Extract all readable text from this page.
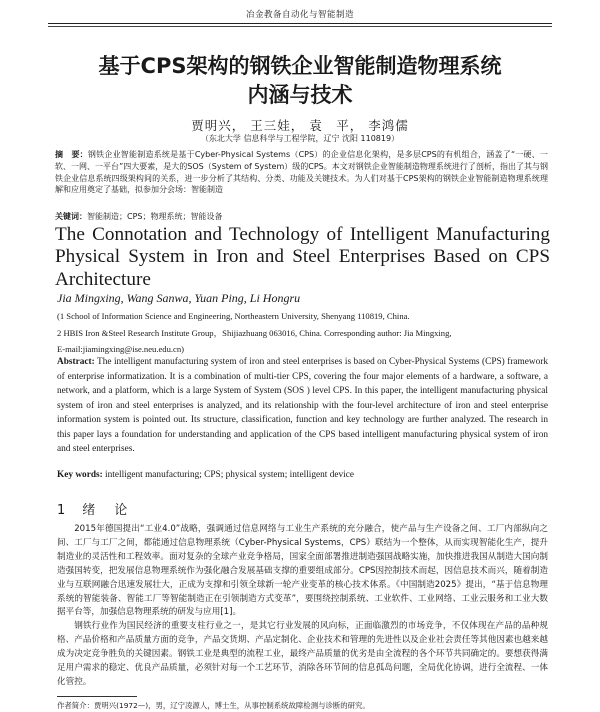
冶金教备自动化与智能制造
基于CPS架构的钢铁企业智能制造物理系统
内涵与技术
贾明兴， 王三娃， 袁　平， 李鸿儒
（东北大学 信息科学与工程学院，辽宁 沈阳 110819）
摘　要：钢铁企业智能制造系统是基于Cyber-Physical Systems（CPS）的企业信息化架构，是多层CPS的有机组合，涵盖了“一硬、一软、一网、一平台”四大要素，是大的SOS（System of System）级的CPS。本文对钢铁企业智能制造物理系统进行了剖析，指出了其与钢铁企业信息系统四级架构间的关系，进一步分析了其结构、分类、功能及关键技术。为人们对基于CPS架构的钢铁企业智能制造物理系统理解和应用奠定了基础，拟参加分会场：智能制造
关键词：智能制造；CPS；物理系统；智能设备
The Connotation and Technology of Intelligent Manufacturing Physical System in Iron and Steel Enterprises Based on CPS Architecture
Jia Mingxing, Wang Sanwa, Yuan Ping, Li Hongru

(1 School of Information Science and Engineering, Northeastern University, Shenyang 110819, China.

2 HBIS Iron &Steel Research Institute Group，Shijiazhuang 063016, China. Corresponding author: Jia Mingxing,

E-mail:jiamingxing@ise.neu.edu.cn)

Abstract: The intelligent manufacturing system of iron and steel enterprises is based on Cyber-Physical Systems (CPS) framework of enterprise informatization. It is a combination of multi-tier CPS, covering the four major elements of a hardware, a software, a network, and a platform, which is a large System of System (SOS ) level CPS. In this paper, the intelligent manufacturing physical system of iron and steel enterprises is analyzed, and its relationship with the four-level architecture of iron and steel enterprise information system is pointed out. Its structure, classification, function and key technology are further analyzed. The research in this paper lays a foundation for understanding and application of the CPS based intelligent manufacturing physical system of iron and steel enterprises.
Key words: intelligent manufacturing; CPS; physical system; intelligent device
1 绪　论

2015年德国提出“工业4.0”战略，强调通过信息网络与工业生产系统的充分融合，使产品与生产设备之间、工厂内部纵向之间、工厂与工厂之间，都能通过信息物理系统（Cyber-Physical Systems，CPS）联结为一个整体，从而实现智能化生产，提升制造业的灵活性和工程效率。面对复杂的全球产业竞争格局，国家全面部署推进制造强国战略实施，加快推进我国从制造大国向制造强国转变，把发展信息物理系统作为强化融合发展基础支撑的重要组成部分。CPS因控制技术而起，因信息技术而兴，随着制造业与互联网融合迅速发展壮大，正成为支撑和引领全球新一轮产业变革的核心技术体系。《中国制造2025》提出，“基于信息物理系统的智能装备、智能工厂等智能制造正在引领制造方式变革”，要围绕控制系统、工业软件、工业网络、工业云服务和工业大数据平台等，加强信息物理系统的研发与应用[1]。

钢铁行业作为国民经济的重要支柱行业之一，是其它行业发展的风向标，正面临激烈的市场竞争，不仅体现在产品的品种规格、产品价格和产品质量方面的竞争，产品交货期、产品定制化、企业技术和管理的先进性以及企业社会责任等其他因素也越来越成为决定竞争胜负的关键因素。钢铁工业是典型的流程工业，最终产品质量的优劣是由全流程的各个环节共同确定的。要想获得满足用户需求的稳定、优良产品质量，必须针对每一个工艺环节，消除各环节间的信息孤岛问题，全局优化协调，进行全流程、一体化管控。

作者简介：贾明兴(1972—)，男，辽宁凌源人，博士生，从事控制系统故障检测与诊断的研究。
